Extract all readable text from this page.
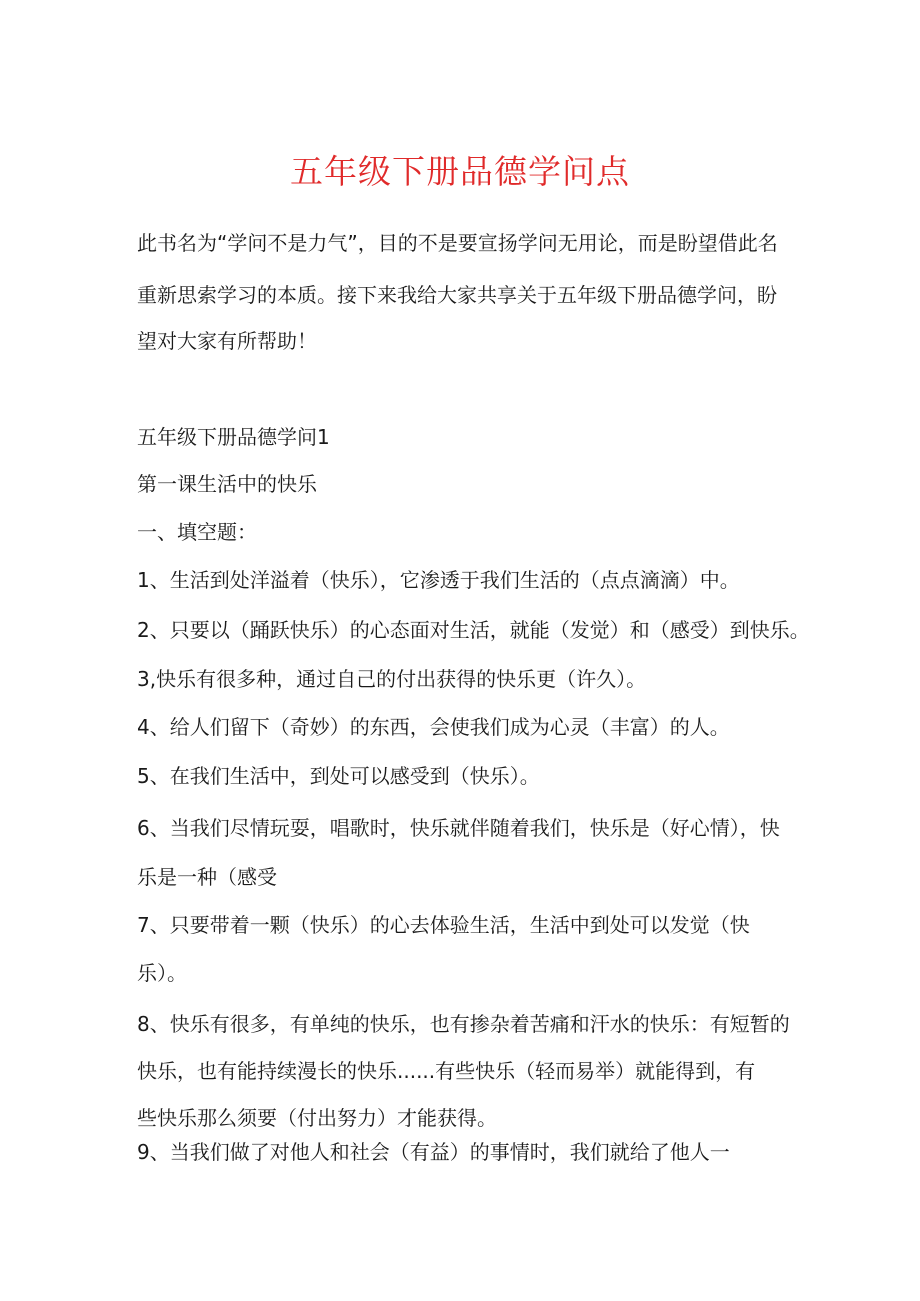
五年级下册品德学问点

此书名为“学问不是力气”，目的不是要宣扬学问无用论，而是盼望借此名

重新思索学习的本质。接下来我给大家共享关于五年级下册品德学问，盼

望对大家有所帮助！

五年级下册品德学问1

第一课生活中的快乐

一、填空题：

1、生活到处洋溢着（快乐），它渗透于我们生活的（点点滴滴）中。

2、只要以（踊跃快乐）的心态面对生活，就能（发觉）和（感受）到快乐。

3,快乐有很多种，通过自己的付出获得的快乐更（许久）。

4、给人们留下（奇妙）的东西，会使我们成为心灵（丰富）的人。

5、在我们生活中，到处可以感受到（快乐）。

6、当我们尽情玩耍，唱歌时，快乐就伴随着我们，快乐是（好心情），快

乐是一种（感受

7、只要带着一颗（快乐）的心去体验生活，生活中到处可以发觉（快

乐）。

8、快乐有很多，有单纯的快乐，也有掺杂着苦痛和汗水的快乐：有短暂的

快乐，也有能持续漫长的快乐......有些快乐（轻而易举）就能得到，有

些快乐那么须要（付出努力）才能获得。

9、当我们做了对他人和社会（有益）的事情时，我们就给了他人一
